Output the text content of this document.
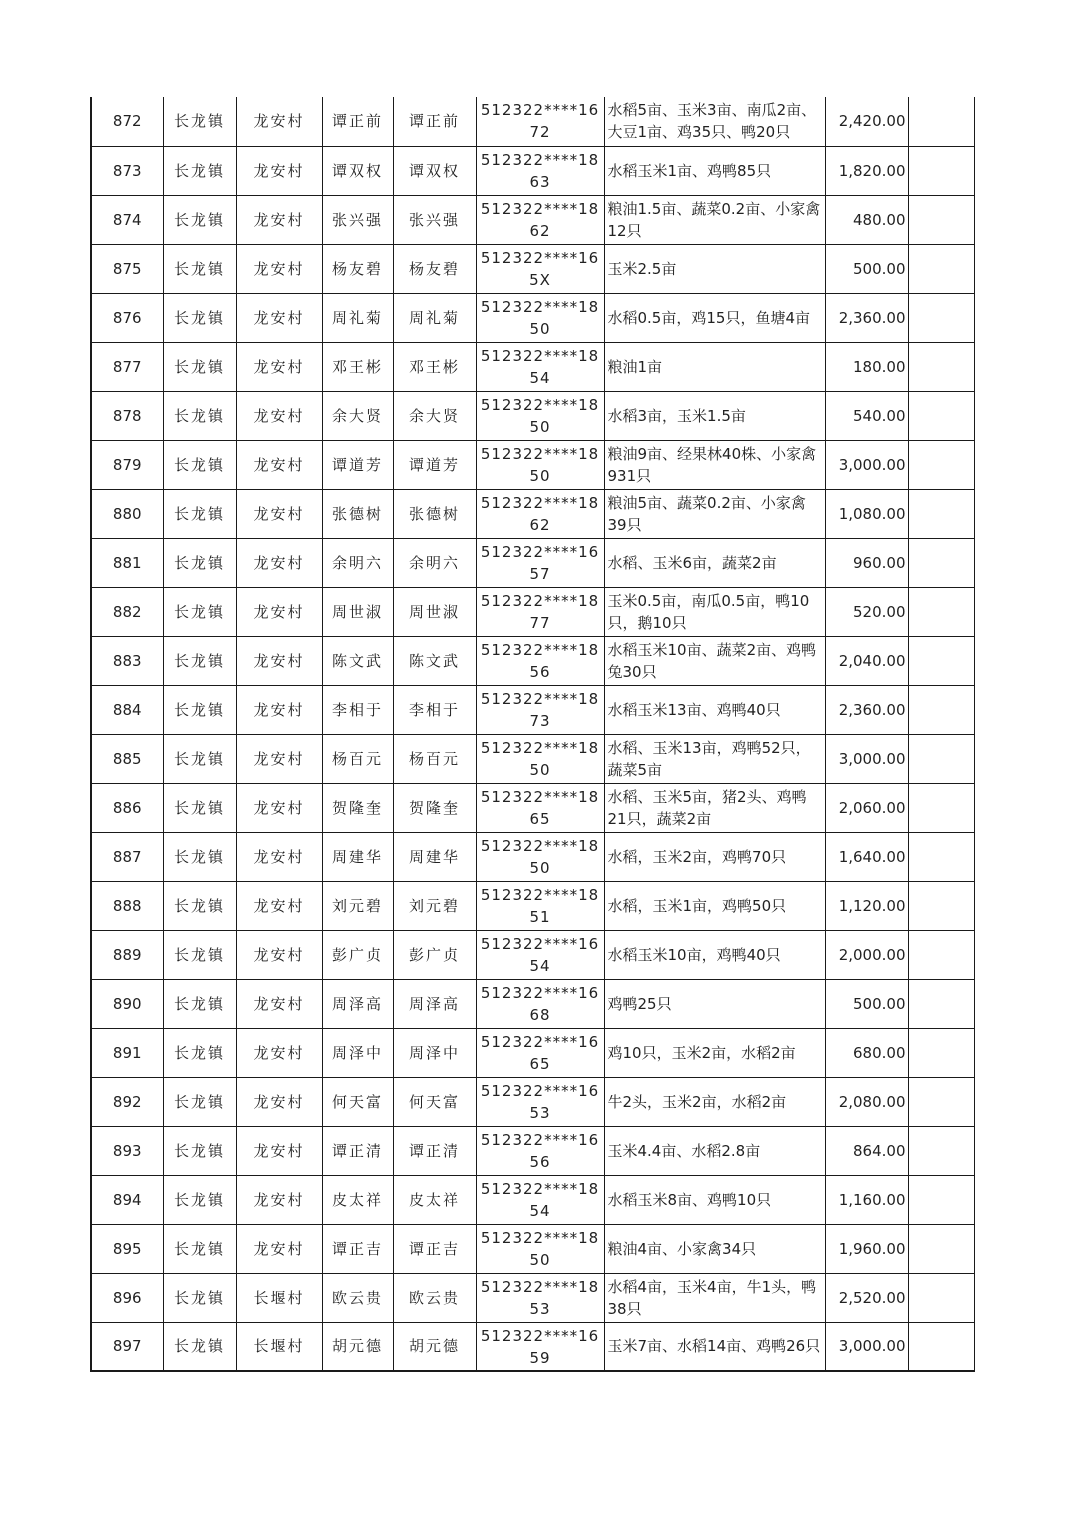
872	长龙镇	龙安村	谭正前	谭正前	512322****1672	水稻5亩、玉米3亩、南瓜2亩、大豆1亩、鸡35只、鸭20只	2,420.00	
873	长龙镇	龙安村	谭双权	谭双权	512322****1863	水稻玉米1亩、鸡鸭85只	1,820.00	
874	长龙镇	龙安村	张兴强	张兴强	512322****1862	粮油1.5亩、蔬菜0.2亩、小家禽12只	480.00	
875	长龙镇	龙安村	杨友碧	杨友碧	512322****165X	玉米2.5亩	500.00	
876	长龙镇	龙安村	周礼菊	周礼菊	512322****1850	水稻0.5亩，鸡15只，鱼塘4亩	2,360.00	
877	长龙镇	龙安村	邓王彬	邓王彬	512322****1854	粮油1亩	180.00	
878	长龙镇	龙安村	余大贤	余大贤	512322****1850	水稻3亩，玉米1.5亩	540.00	
879	长龙镇	龙安村	谭道芳	谭道芳	512322****1850	粮油9亩、经果林40株、小家禽931只	3,000.00	
880	长龙镇	龙安村	张德树	张德树	512322****1862	粮油5亩、蔬菜0.2亩、小家禽39只	1,080.00	
881	长龙镇	龙安村	余明六	余明六	512322****1657	水稻、玉米6亩，蔬菜2亩	960.00	
882	长龙镇	龙安村	周世淑	周世淑	512322****1877	玉米0.5亩，南瓜0.5亩，鸭10只，鹅10只	520.00	
883	长龙镇	龙安村	陈文武	陈文武	512322****1856	水稻玉米10亩、蔬菜2亩、鸡鸭兔30只	2,040.00	
884	长龙镇	龙安村	李相于	李相于	512322****1873	水稻玉米13亩、鸡鸭40只	2,360.00	
885	长龙镇	龙安村	杨百元	杨百元	512322****1850	水稻、玉米13亩，鸡鸭52只，蔬菜5亩	3,000.00	
886	长龙镇	龙安村	贺隆奎	贺隆奎	512322****1865	水稻、玉米5亩，猪2头、鸡鸭21只，蔬菜2亩	2,060.00	
887	长龙镇	龙安村	周建华	周建华	512322****1850	水稻，玉米2亩，鸡鸭70只	1,640.00	
888	长龙镇	龙安村	刘元碧	刘元碧	512322****1851	水稻，玉米1亩，鸡鸭50只	1,120.00	
889	长龙镇	龙安村	彭广贞	彭广贞	512322****1654	水稻玉米10亩，鸡鸭40只	2,000.00	
890	长龙镇	龙安村	周泽高	周泽高	512322****1668	鸡鸭25只	500.00	
891	长龙镇	龙安村	周泽中	周泽中	512322****1665	鸡10只，玉米2亩，水稻2亩	680.00	
892	长龙镇	龙安村	何天富	何天富	512322****1653	牛2头，玉米2亩，水稻2亩	2,080.00	
893	长龙镇	龙安村	谭正清	谭正清	512322****1656	玉米4.4亩、水稻2.8亩	864.00	
894	长龙镇	龙安村	皮太祥	皮太祥	512322****1854	水稻玉米8亩、鸡鸭10只	1,160.00	
895	长龙镇	龙安村	谭正吉	谭正吉	512322****1850	粮油4亩、小家禽34只	1,960.00	
896	长龙镇	长堰村	欧云贵	欧云贵	512322****1853	水稻4亩，玉米4亩，牛1头，鸭38只	2,520.00	
897	长龙镇	长堰村	胡元德	胡元德	512322****1659	玉米7亩、水稻14亩、鸡鸭26只	3,000.00	
